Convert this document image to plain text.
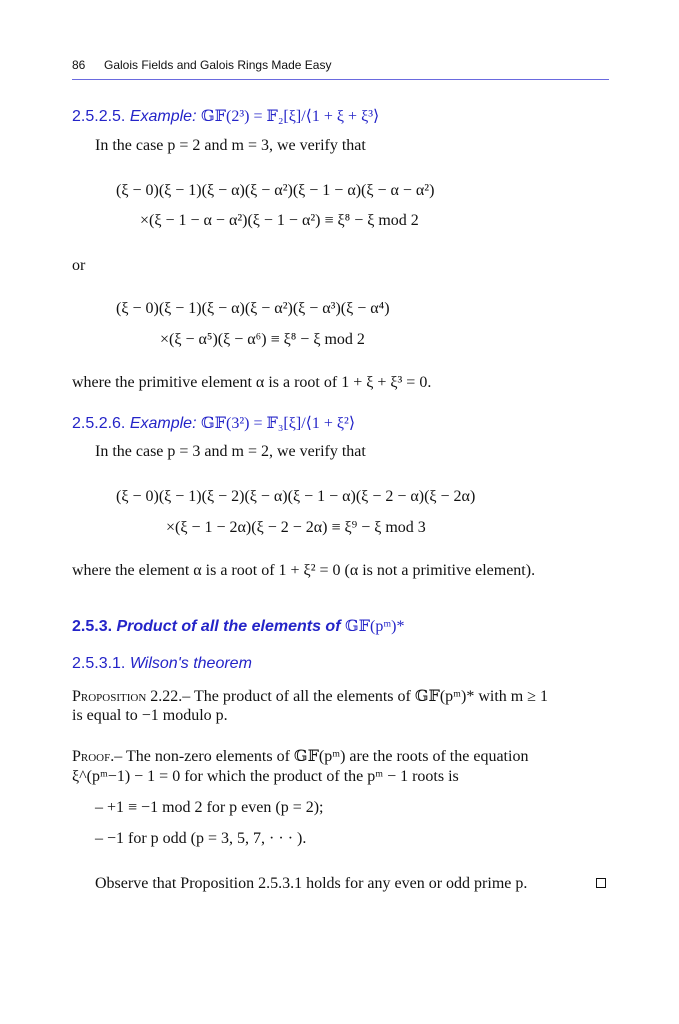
86 Galois Fields and Galois Rings Made Easy
2.5.2.5. Example: 𝔾𝔽(2³) = 𝔽₂[ξ]/⟨1 + ξ + ξ³⟩
In the case p = 2 and m = 3, we verify that
(ξ − 0)(ξ − 1)(ξ − α)(ξ − α²)(ξ − 1 − α)(ξ − α − α²)
×(ξ − 1 − α − α²)(ξ − 1 − α²) ≡ ξ⁸ − ξ mod 2
or
(ξ − 0)(ξ − 1)(ξ − α)(ξ − α²)(ξ − α³)(ξ − α⁴)
×(ξ − α⁵)(ξ − α⁶) ≡ ξ⁸ − ξ mod 2
where the primitive element α is a root of 1 + ξ + ξ³ = 0.
2.5.2.6. Example: 𝔾𝔽(3²) = 𝔽₃[ξ]/⟨1 + ξ²⟩
In the case p = 3 and m = 2, we verify that
(ξ − 0)(ξ − 1)(ξ − 2)(ξ − α)(ξ − 1 − α)(ξ − 2 − α)(ξ − 2α)
×(ξ − 1 − 2α)(ξ − 2 − 2α) ≡ ξ⁹ − ξ mod 3
where the element α is a root of 1 + ξ² = 0 (α is not a primitive element).
2.5.3. Product of all the elements of 𝔾𝔽(pᵐ)*
2.5.3.1. Wilson's theorem
Proposition 2.22.– The product of all the elements of 𝔾𝔽(pᵐ)* with m ≥ 1
is equal to −1 modulo p.
Proof.– The non-zero elements of 𝔾𝔽(pᵐ) are the roots of the equation
ξ^(pᵐ−1) − 1 = 0 for which the product of the pᵐ − 1 roots is
– +1 ≡ −1 mod 2 for p even (p = 2);
– −1 for p odd (p = 3, 5, 7, · · · ).
Observe that Proposition 2.5.3.1 holds for any even or odd prime p.
